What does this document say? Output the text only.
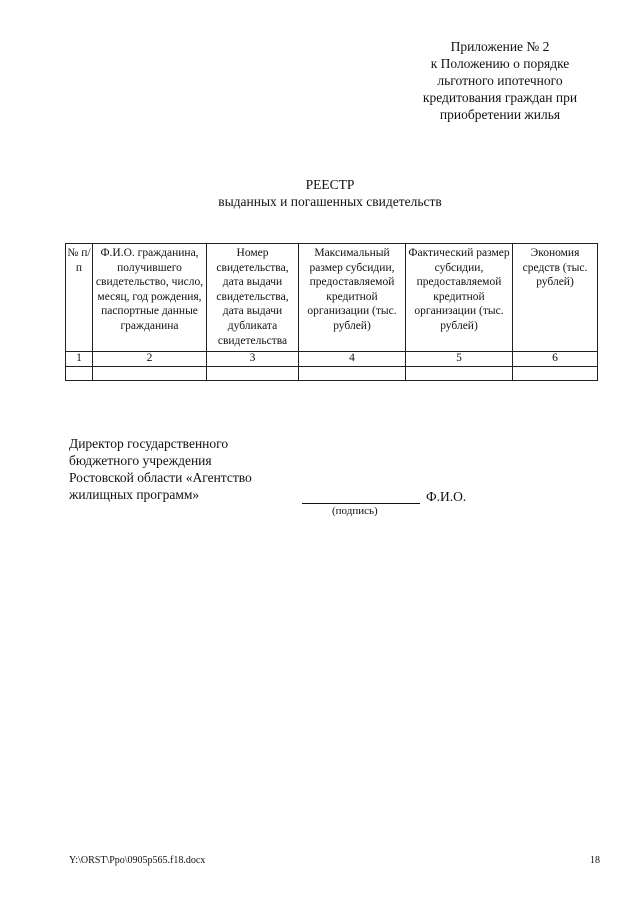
Приложение № 2
к Положению о порядке
льготного ипотечного
кредитования граждан при
приобретении жилья
РЕЕСТР
выданных и погашенных свидетельств
№ п/п	Ф.И.О. гражданина, получившего свидетельство, число, месяц, год рождения, паспортные данные гражданина	Номер свидетельства, дата выдачи свидетельства, дата выдачи дубликата свидетельства	Максимальный размер субсидии, предоставляемой кредитной организации (тыс. рублей)	Фактический размер субсидии, предоставляемой кредитной организации (тыс. рублей)	Экономия средств (тыс. рублей)
1	2	3	4	5	6

Директор государственного
бюджетного учреждения
Ростовской области «Агентство
жилищных программ»	Ф.И.О.
(подпись)
Y:\ORST\Ppo\0905p565.f18.docx	18
